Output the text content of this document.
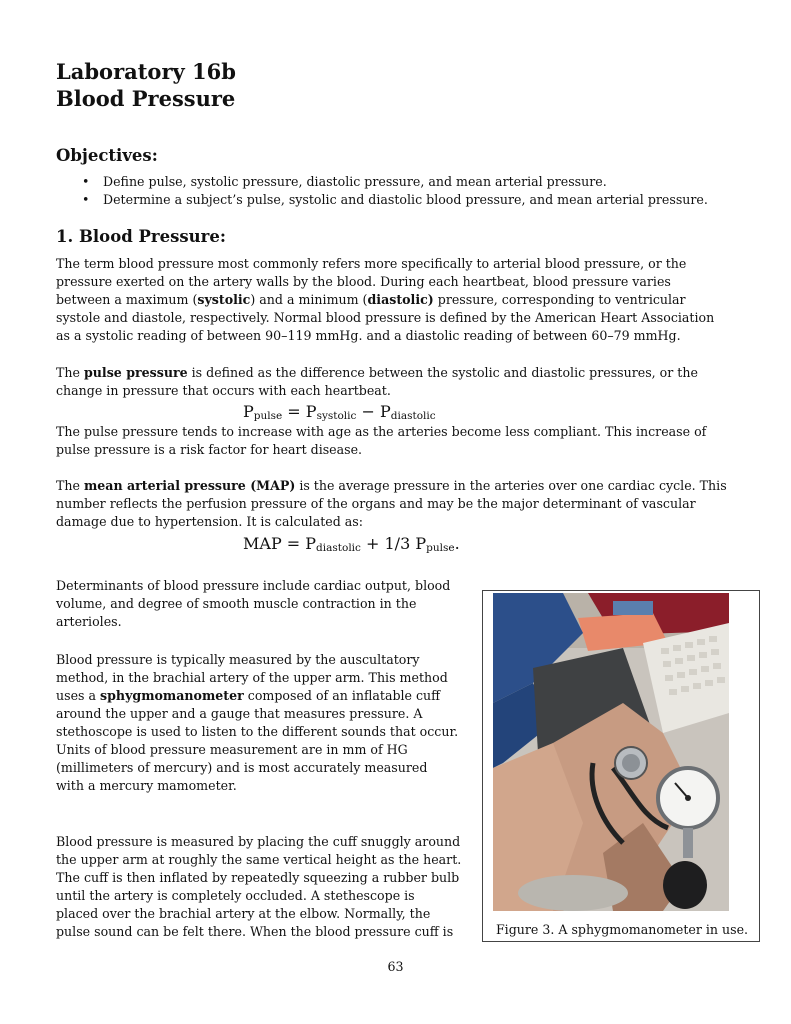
Laboratory 16b
Blood Pressure
Objectives:
• Define pulse, systolic pressure, diastolic pressure, and mean arterial pressure.
• Determine a subject’s pulse, systolic and diastolic blood pressure, and mean arterial pressure.
1. Blood Pressure:

The term blood pressure most commonly refers more specifically to arterial blood pressure, or the
pressure exerted on the artery walls by the blood. During each heartbeat, blood pressure varies
between a maximum (systolic) and a minimum (diastolic) pressure, corresponding to ventricular
systole and diastole, respectively. Normal blood pressure is defined by the American Heart Association
as a systolic reading of between 90–119 mmHg. and a diastolic reading of between 60–79 mmHg.

The pulse pressure is defined as the difference between the systolic and diastolic pressures, or the
change in pressure that occurs with each heartbeat.

$P_{pulse} = P_{systolic} - P_{diastolic}$

The pulse pressure tends to increase with age as the arteries become less compliant. This increase of
pulse pressure is a risk factor for heart disease.

The mean arterial pressure (MAP) is the average pressure in the arteries over one cardiac cycle. This
number reflects the perfusion pressure of the organs and may be the major determinant of vascular
damage due to hypertension. It is calculated as:

MAP = $P_{diastolic} + 1/3$ $P_{pulse}$.

Determinants of blood pressure include cardiac output, blood
volume, and degree of smooth muscle contraction in the
arterioles.

Blood pressure is typically measured by the auscultatory
method, in the brachial artery of the upper arm. This method
uses a sphygmomanometer composed of an inflatable cuff
around the upper and a gauge that measures pressure. A
stethoscope is used to listen to the different sounds that occur.
Units of blood pressure measurement are in mm of HG
(millimeters of mercury) and is most accurately measured
with a mercury mamometer.

Blood pressure is measured by placing the cuff snuggly around
the upper arm at roughly the same vertical height as the heart.
The cuff is then inflated by repeatedly squeezing a rubber bulb
until the artery is completely occluded. A stethescope is
placed over the brachial artery at the elbow. Normally, the
pulse sound can be felt there. When the blood pressure cuff is	Figure 3. A sphygmomanometer in use.
63
